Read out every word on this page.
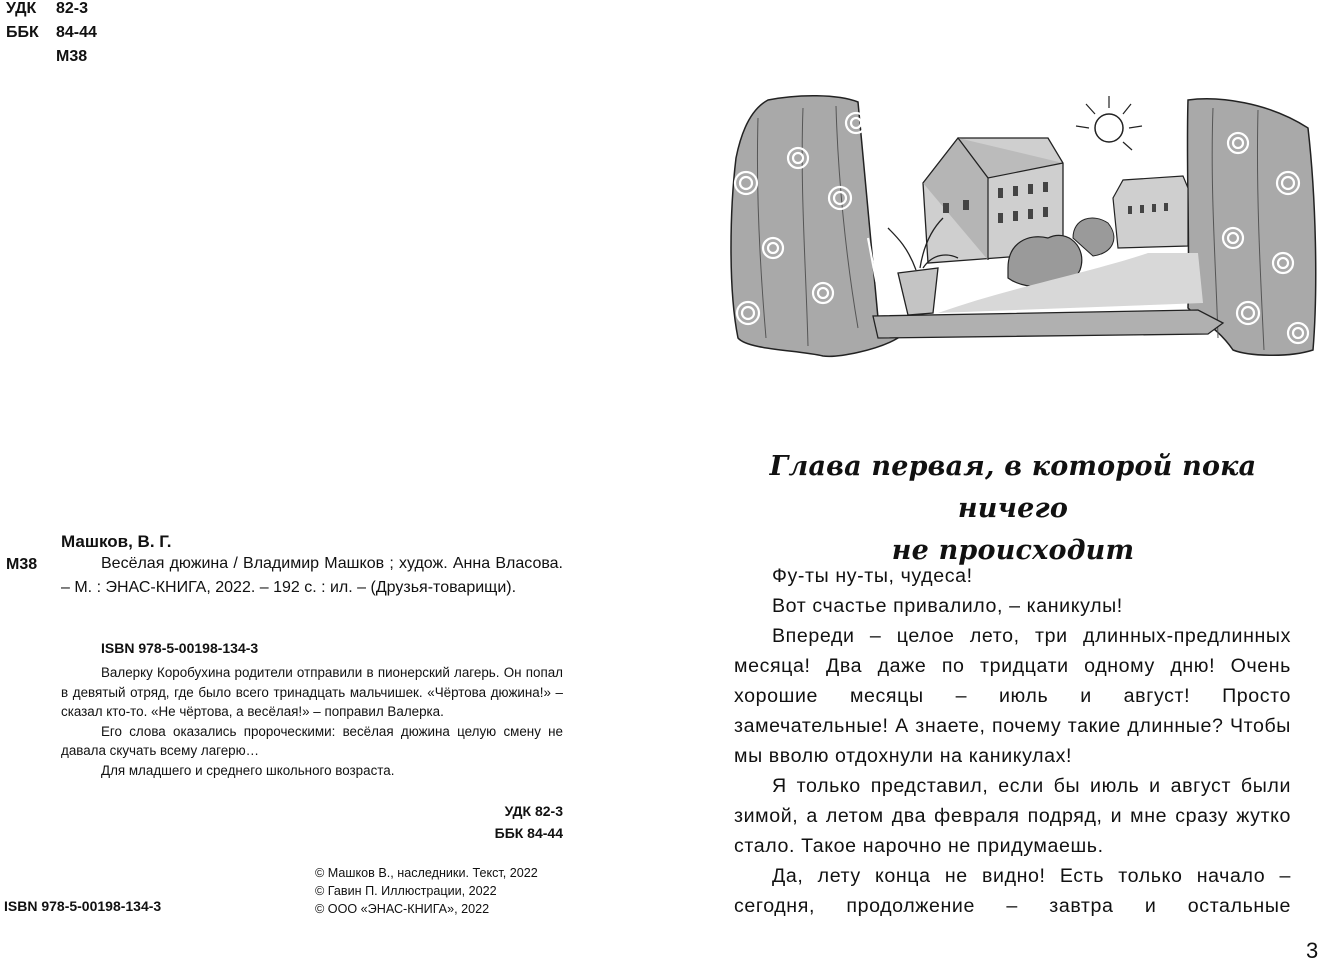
УДК	82-3
ББК	84-44
М38
Машков, В. Г.
М38	Весёлая дюжина / Владимир Машков ; худож. Анна Власова. – М. : ЭНАС-КНИГА, 2022. – 192 с. : ил. – (Друзья-товарищи).
ISBN 978-5-00198-134-3

Валерку Коробухина родители отправили в пионерский лагерь. Он попал в девятый отряд, где было всего тринадцать мальчишек. «Чёртова дюжина!» – сказал кто-то. «Не чёртова, а весёлая!» – поправил Валерка.

Его слова оказались пророческими: весёлая дюжина целую смену не давала скучать всему лагерю…

Для младшего и среднего школьного возраста.

УДК 82-3
ББК 84-44
© Машков В., наследники. Текст, 2022
© Гавин П. Иллюстрации, 2022
© ООО «ЭНАС-КНИГА», 2022
ISBN 978-5-00198-134-3
Глава первая, в которой пока ничего
не происходит

Фу-ты ну-ты, чудеса!

Вот счастье привалило, – каникулы!

Впереди – целое лето, три длинных-предлинных месяца! Два даже по тридцати одному дню! Очень хорошие месяцы – июль и август! Просто замечательные! А знаете, почему такие длинные? Чтобы мы вволю отдохнули на каникулах!

Я только представил, если бы июль и август были зимой, а летом два февраля подряд, и мне сразу жутко стало. Такое нарочно не придумаешь.

Да, лету конца не видно! Есть только начало – сегодня, продолжение – завтра и остальные

3
